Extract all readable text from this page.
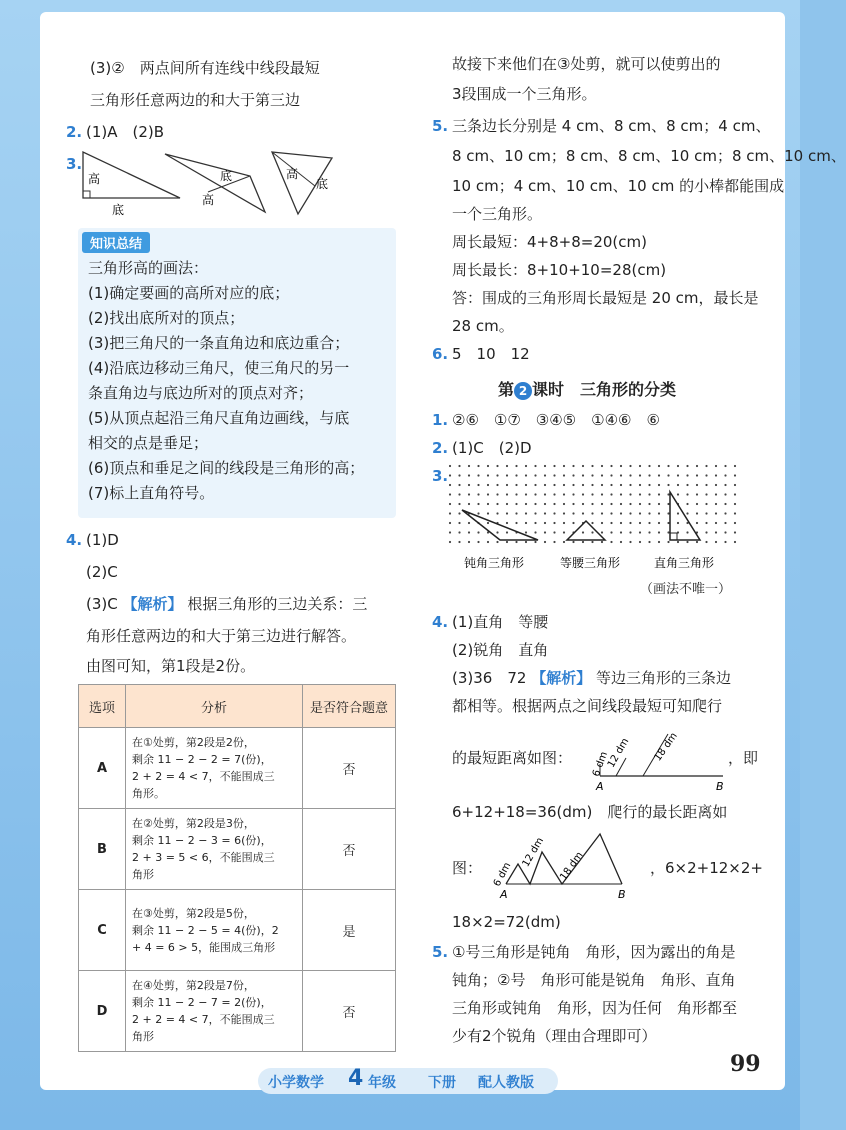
(3)②　两点间所有连线中线段最短
三角形任意两边的和大于第三边
2. (1)A　(2)B
3.
高
底
底
高
高
底
知识总结
三角形高的画法：
(1)确定要画的高所对应的底；
(2)找出底所对的顶点；
(3)把三角尺的一条直角边和底边重合；
(4)沿底边移动三角尺，使三角尺的另一
条直角边与底边所对的顶点对齐；
(5)从顶点起沿三角尺直角边画线，与底
相交的点是垂足；
(6)顶点和垂足之间的线段是三角形的高；
(7)标上直角符号。
4. (1)D
(2)C
(3)C 【解析】 根据三角形的三边关系：三
角形任意两边的和大于第三边进行解答。
由图可知，第1段是2份。
选项	分析	是否符合题意
A	在①处剪，第2段是2份，
剩余 11 − 2 − 2 = 7(份)，
2 + 2 = 4 < 7，不能围成三
角形。	否
B	在②处剪，第2段是3份，
剩余 11 − 2 − 3 = 6(份)，
2 + 3 = 5 < 6，不能围成三
角形	否
C	在③处剪，第2段是5份，
剩余 11 − 2 − 5 = 4(份)，2
+ 4 = 6 > 5，能围成三角形	是
D	在④处剪，第2段是7份，
剩余 11 − 2 − 7 = 2(份)，
2 + 2 = 4 < 7，不能围成三
角形	否
故接下来他们在③处剪，就可以使剪出的
3段围成一个三角形。
5. 三条边长分别是 4 cm、8 cm、8 cm；4 cm、
8 cm、10 cm；8 cm、8 cm、10 cm；8 cm、10 cm、
10 cm；4 cm、10 cm、10 cm 的小棒都能围成
一个三角形。
周长最短：4+8+8=20(cm)
周长最长：8+10+10=28(cm)
答：围成的三角形周长最短是 20 cm，最长是
28 cm。
6. 5　10　12
第 2 课时　三角形的分类
1. ②⑥　①⑦　③④⑤　①④⑥　⑥
2. (1)C　(2)D
3.
钝角三角形	等腰三角形	直角三角形
（画法不唯一）
4. (1)直角　等腰
(2)锐角　直角
(3)36　72 【解析】 等边三角形的三条边
都相等。根据两点之间线段最短可知爬行
的最短距离如图： 6 dm
12 dm 18 dm
A	B
，即
6+12+18=36(dm)　爬行的最长距离如
图： 6 dm
12 dm 18 dm
A	B
，6×2+12×2+
18×2=72(dm)
5. ①号三角形是钝角　角形，因为露出的角是
钝角；②号　角形可能是锐角　角形、直角
三角形或钝角　角形，因为任何　角形都至
少有2个锐角（理由合理即可）
99
小学数学 4 年级 下册 配人教版
